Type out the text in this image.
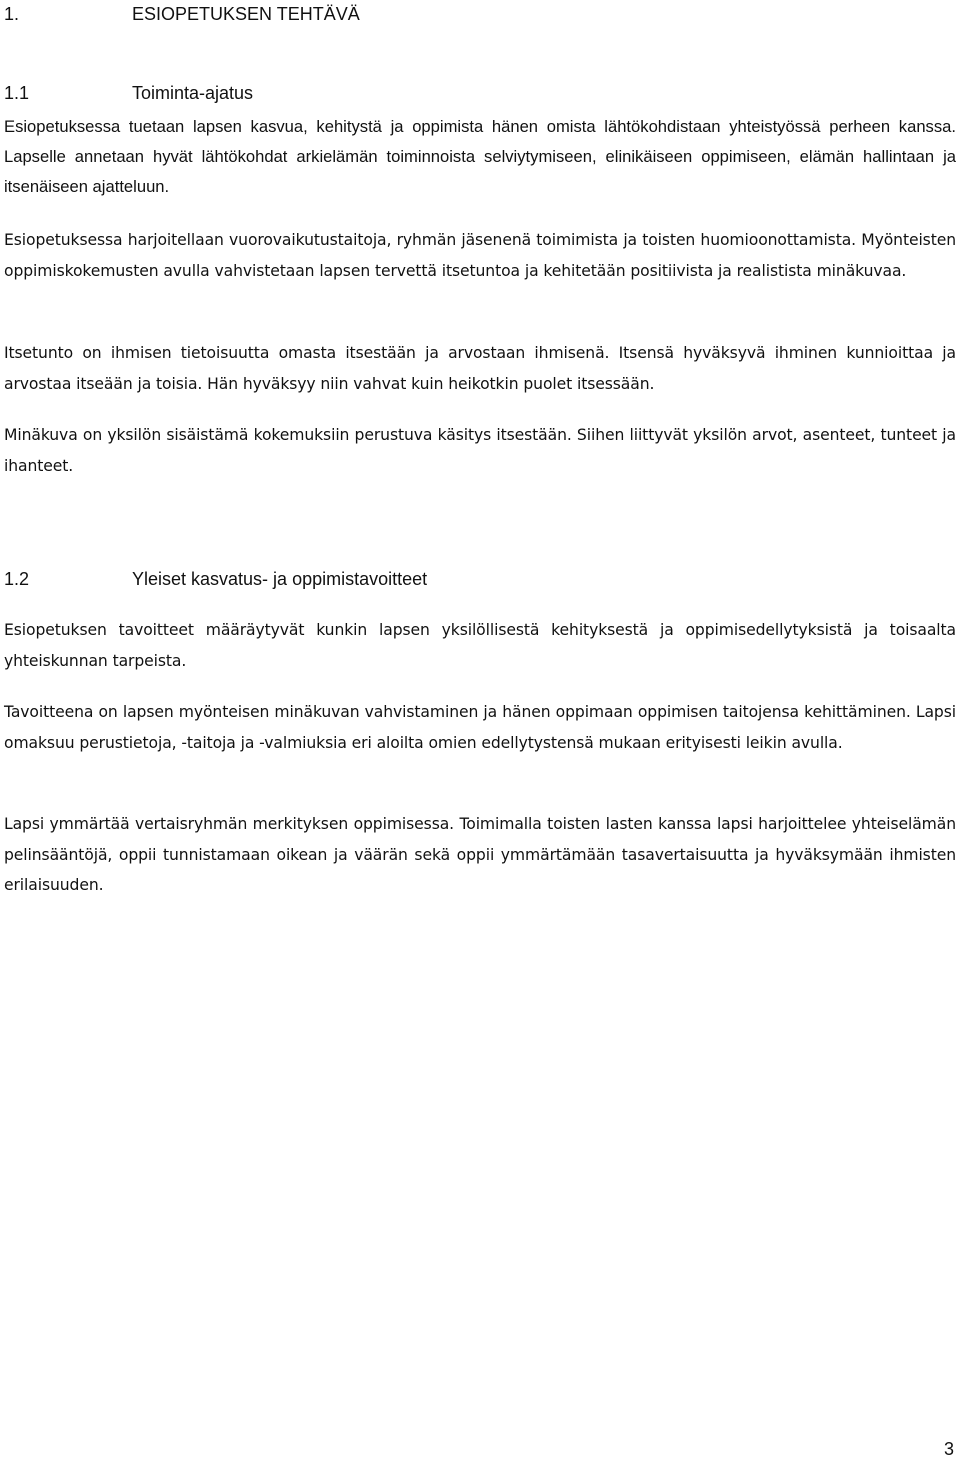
1.	ESIOPETUKSEN TEHTÄVÄ
1.1	Toiminta-ajatus

Esiopetuksessa tuetaan lapsen kasvua, kehitystä ja oppimista hänen omista lähtökohdistaan yhteistyössä perheen kanssa. Lapselle annetaan hyvät lähtökohdat arkielämän toiminnoista selviytymiseen, elinikäiseen oppimiseen, elämän hallintaan ja itsenäiseen ajatteluun.

Esiopetuksessa harjoitellaan vuorovaikutustaitoja, ryhmän jäsenenä toimimista ja toisten huomioonottamista. Myönteisten oppimiskokemusten avulla vahvistetaan lapsen tervettä itsetuntoa ja kehitetään positiivista ja realistista minäkuvaa.

Itsetunto on ihmisen tietoisuutta omasta itsestään ja arvostaan ihmisenä. Itsensä hyväksyvä ihminen kunnioittaa ja arvostaa itseään ja toisia. Hän hyväksyy niin vahvat kuin heikotkin puolet itsessään.

Minäkuva on yksilön sisäistämä kokemuksiin perustuva käsitys itsestään. Siihen liittyvät yksilön arvot, asenteet, tunteet ja ihanteet.

1.2	Yleiset kasvatus- ja oppimistavoitteet

Esiopetuksen tavoitteet määräytyvät kunkin lapsen yksilöllisestä kehityksestä ja oppimisedellytyksistä ja toisaalta yhteiskunnan tarpeista.

Tavoitteena on lapsen myönteisen minäkuvan vahvistaminen ja hänen oppimaan oppimisen taitojensa kehittäminen. Lapsi omaksuu perustietoja, -taitoja ja -valmiuksia eri aloilta omien edellytystensä mukaan erityisesti leikin avulla.

Lapsi ymmärtää vertaisryhmän merkityksen oppimisessa. Toimimalla toisten lasten kanssa lapsi harjoittelee yhteiselämän pelinsääntöjä, oppii tunnistamaan oikean ja väärän sekä oppii ymmärtämään tasavertaisuutta ja hyväksymään ihmisten erilaisuuden.

3
